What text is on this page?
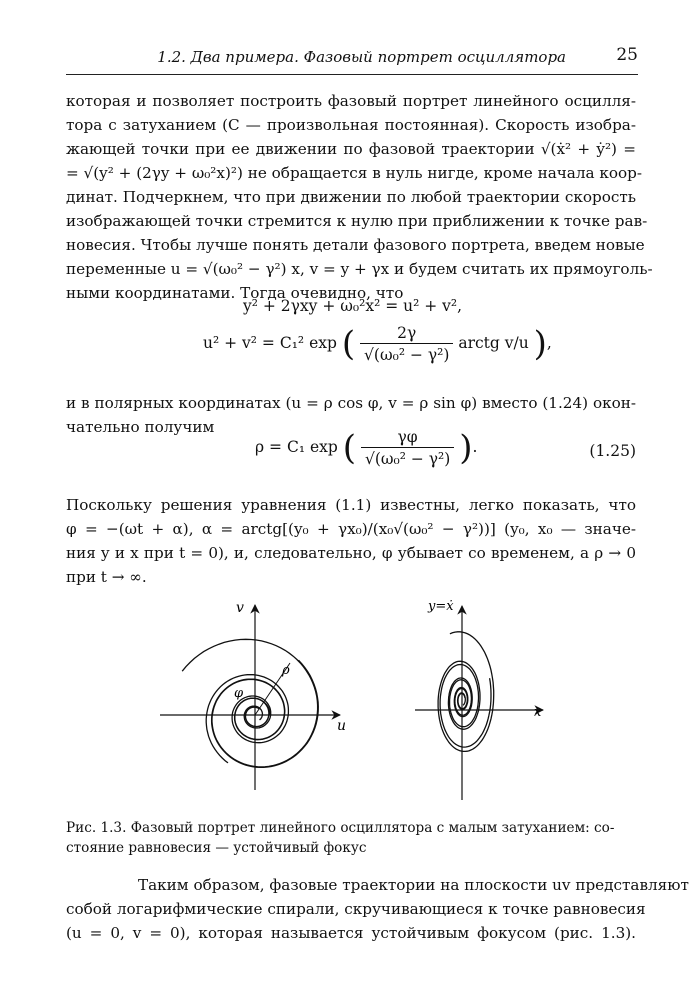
1.2. Два примера. Фазовый портрет осциллятора	25
которая и позволяет построить фазовый портрет линейного осцилля-
тора с затуханием (C — произвольная постоянная). Скорость изобра-
жающей точки при ее движении по фазовой траектории √(ẋ² + ẏ²) =
= √(y² + (2γy + ω₀²x)²) не обращается в нуль нигде, кроме начала коор-
динат. Подчеркнем, что при движении по любой траектории скорость
изображающей точки стремится к нулю при приближении к точке рав-
новесия. Чтобы лучше понять детали фазового портрета, введем новые
переменные u = √(ω₀² − γ²) x, v = y + γx и будем считать их прямоуголь-
ными координатами. Тогда очевидно, что
y² + 2γxy + ω₀²x² = u² + v²,
u² + v² = C₁² exp ( $\frac{2\gamma}{\text{√(ω₀² − γ²)}}$ arctg v/u ),
и в полярных координатах (u = ρ cos φ, v = ρ sin φ) вместо (1.24) окон-
чательно получим
ρ = C₁ exp ( $\frac{\gamma\varphi}{\text{√(ω₀² − γ²)}}$ ).	(1.25)
Поскольку решения уравнения (1.1) известны, легко показать, что
φ = −(ωt + α), α = arctg[(y₀ + γx₀)/(x₀√(ω₀² − γ²))] (y₀, x₀ — значе-
ния y и x при t = 0), и, следовательно, φ убывает со временем, а ρ → 0
при t → ∞.
v
u
ρ
φ
y=ẋ
x
Рис. 1.3. Фазовый портрет линейного осциллятора с малым затуханием: со-
стояние равновесия — устойчивый фокус
Таким образом, фазовые траектории на плоскости uv представляют
собой логарифмические спирали, скручивающиеся к точке равновесия
(u = 0, v = 0), которая называется устойчивым фокусом (рис. 1.3).
